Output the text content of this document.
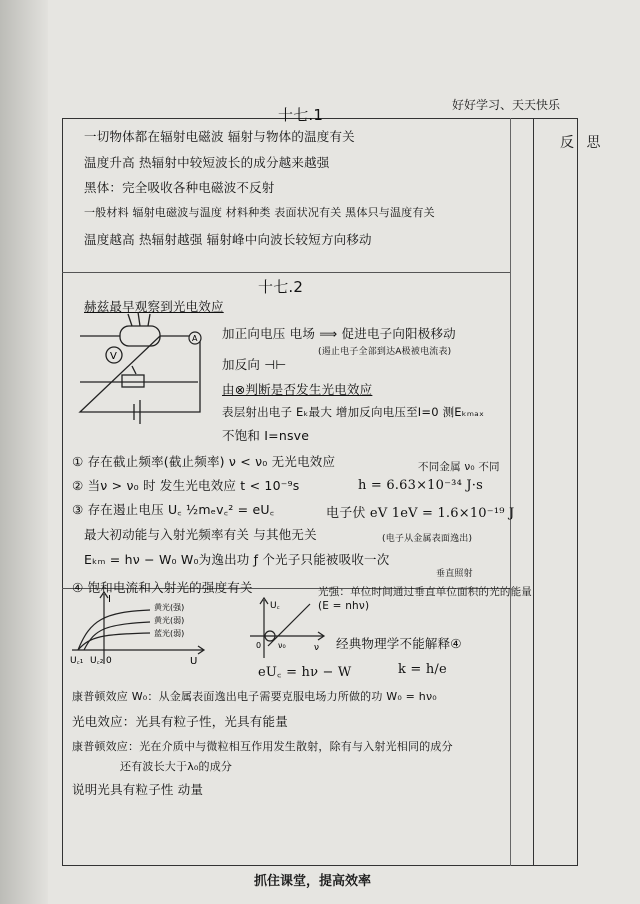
好好学习、天天快乐
反 思
十七.1
一切物体都在辐射电磁波 辐射与物体的温度有关
温度升高 热辐射中较短波长的成分越来越强
黑体：完全吸收各种电磁波不反射
一般材料 辐射电磁波与温度 材料种类 表面状况有关 黑体只与温度有关
温度越高 热辐射越强 辐射峰中向波长较短方向移动
十七.2
赫兹最早观察到光电效应
V
A 加正向电压 电场 ⟹ 促进电子向阳极移动
(遏止电子全部到达A极被电流表)
加反向 ⊣⊢
由⊗判断是否发生光电效应
表层射出电子 Eₖ最大 增加反向电压至I=0 测Eₖₘₐₓ
不饱和 I=nsve
① 存在截止频率(截止频率) ν < ν₀ 无光电效应	不同金属 ν₀ 不同
② 当ν > ν₀ 时 发生光电效应 t < 10⁻⁹s	h = 6.63×10⁻³⁴ J·s
③ 存在遏止电压 U꜀ ½mₑv꜀² = eU꜀	电子伏 eV 1eV = 1.6×10⁻¹⁹ J
最大初动能与入射光频率有关 与其他无关	(电子从金属表面逸出)
Eₖₘ = hν − W₀ W₀为逸出功 ƒ 个光子只能被吸收一次
垂直照射
④ 饱和电流和入射光的强度有关	光强：单位时间通过垂直单位面积的光的能量
(E = nhν)
I
U
黄光(强)
黄光(弱)
蓝光(弱)
U꜀₁ U꜀₂ 0
U꜀
ν
0 ν₀	经典物理学不能解释④
eU꜀ = hν − W	k = h/e
康普顿效应 W₀：从金属表面逸出电子需要克服电场力所做的功 W₀ = hν₀
光电效应：光具有粒子性，光具有能量
康普顿效应：光在介质中与微粒相互作用发生散射，除有与入射光相同的成分
还有波长大于λ₀的成分
说明光具有粒子性 动量
抓住课堂，提高效率
